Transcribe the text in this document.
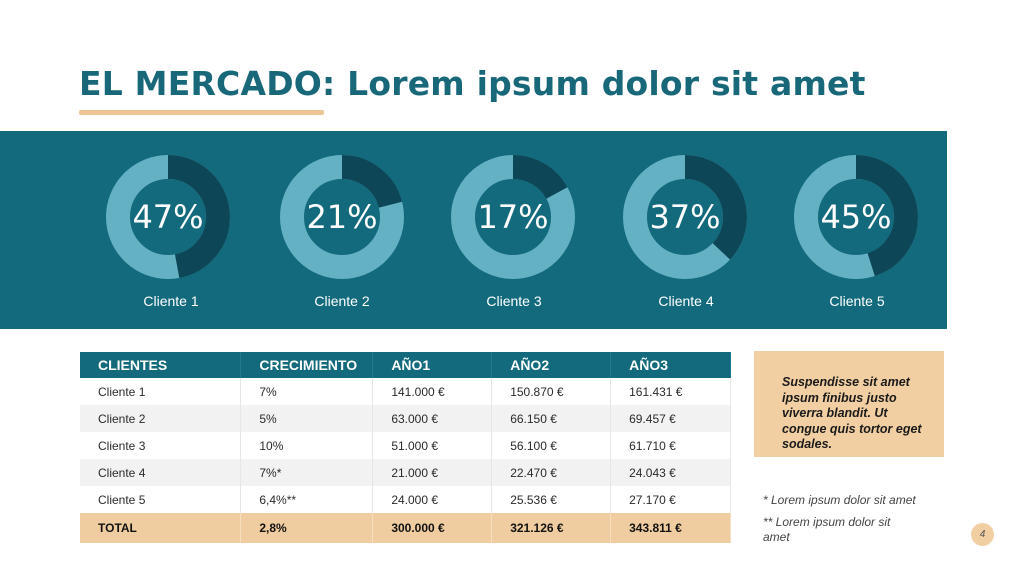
EL MERCADO: Lorem ipsum dolor sit amet
47%
Cliente 1
21%
Cliente 2
17%
Cliente 3
37%
Cliente 4
45%
Cliente 5
CLIENTES	CRECIMIENTO	AÑO1	AÑO2	AÑO3
Cliente 1	7%	141.000 €	150.870 €	161.431 €
Cliente 2	5%	63.000 €	66.150 €	69.457 €
Cliente 3	10%	51.000 €	56.100 €	61.710 €
Cliente 4	7%*	21.000 €	22.470 €	24.043 €
Cliente 5	6,4%**	24.000 €	25.536 €	27.170 €
TOTAL	2,8%	300.000 €	321.126 €	343.811 €

Suspendisse sit amet ipsum finibus justo viverra blandit. Ut congue quis tortor eget sodales.

* Lorem ipsum dolor sit amet
** Lorem ipsum dolor sit amet	4
